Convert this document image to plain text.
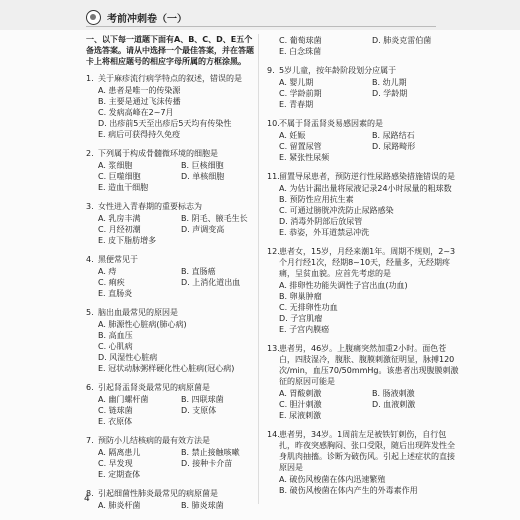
考前冲刺卷（一）
一、以下每一道题下面有A、B、C、D、E五个备选答案。请从中选择一个最佳答案，并在答题卡上将相应题号的相应字母所属的方框涂黑。
1. 关于麻疹流行病学特点的叙述，错误的是
A. 患者是唯一的传染源
B. 主要是通过飞沫传播
C. 发病高峰在2~7月
D. 出疹前5天至出疹后5天均有传染性
E. 病后可获得持久免疫
2. 下列属于构成骨髓微环境的细胞是
A. 浆细胞	B. 巨核细胞
C. 巨噬细胞	D. 单核细胞
E. 造血干细胞
3. 女性进入青春期的重要标志为
A. 乳房丰满	B. 阴毛、腋毛生长
C. 月经初潮	D. 声调变高
E. 皮下脂肪增多
4. 黑便常见于
A. 痔	B. 直肠癌
C. 痢疾	D. 上消化道出血
E. 直肠炎
5. 脑出血最常见的原因是
A. 肺源性心脏病(肺心病)
B. 高血压
C. 心肌病
D. 风湿性心脏病
E. 冠状动脉粥样硬化性心脏病(冠心病)
6. 引起肾盂肾炎最常见的病原菌是
A. 幽门螺杆菌	B. 四联球菌
C. 链球菌	D. 支原体
E. 衣原体
7. 预防小儿结核病的最有效方法是
A. 隔离患儿	B. 禁止接触咳嗽
C. 早发现	D. 接种卡介苗
E. 定期查体
8. 引起细菌性肺炎最常见的病原菌是
A. 肺炎杆菌	B. 肺炎球菌
C. 葡萄球菌	D. 肺炎克雷伯菌
E. 白念珠菌
9. 5岁儿童，按年龄阶段划分应属于
A. 婴儿期	B. 幼儿期
C. 学龄前期	D. 学龄期
E. 青春期
10. 不属于肾盂肾炎易感因素的是
A. 妊娠	B. 尿路结石
C. 留置尿管	D. 尿路畸形
E. 紧张性尿频
11. 留置导尿患者，预防逆行性尿路感染措施错误的是
A. 为估计漏出量将尿液记录24小时尿量的粗球数
B. 预防性应用抗生素
C. 可通过膀胱冲洗防止尿路感染
D. 消毒外阴部后放尿管
E. 恭姿，外耳道禁忌冲洗
12. 患者女，15岁，月经来潮1年。周期不规则，2~3个月行经1次，经期8~10天，经量多，无经期疼痛，呈贫血貌。应首先考虑的是
A. 排卵性功能失调性子宫出血(功血)
B. 卵巢肿瘤
C. 无排卵性功血
D. 子宫肌瘤
E. 子宫内膜癌
13. 患者男，46岁。上腹痛突然加重2小时。面色苍白，四肢湿冷，腹胀、腹膜刺激征明显，脉搏120次/min，血压70/50mmHg。该患者出现腹膜刺激征的原因可能是
A. 胃酸刺激	B. 肠液刺激
C. 胆汁刺激	D. 血液刺激
E. 尿液刺激
14. 患者男，34岁。1周前左足被铁钉刺伤，自行包扎，昨夜突感胸闷、张口受限，随后出现阵发性全身肌肉抽搐。诊断为破伤风。引起上述症状的直接原因是
A. 破伤风梭菌在体内迅速繁殖
B. 破伤风梭菌在体内产生的外毒素作用
4
